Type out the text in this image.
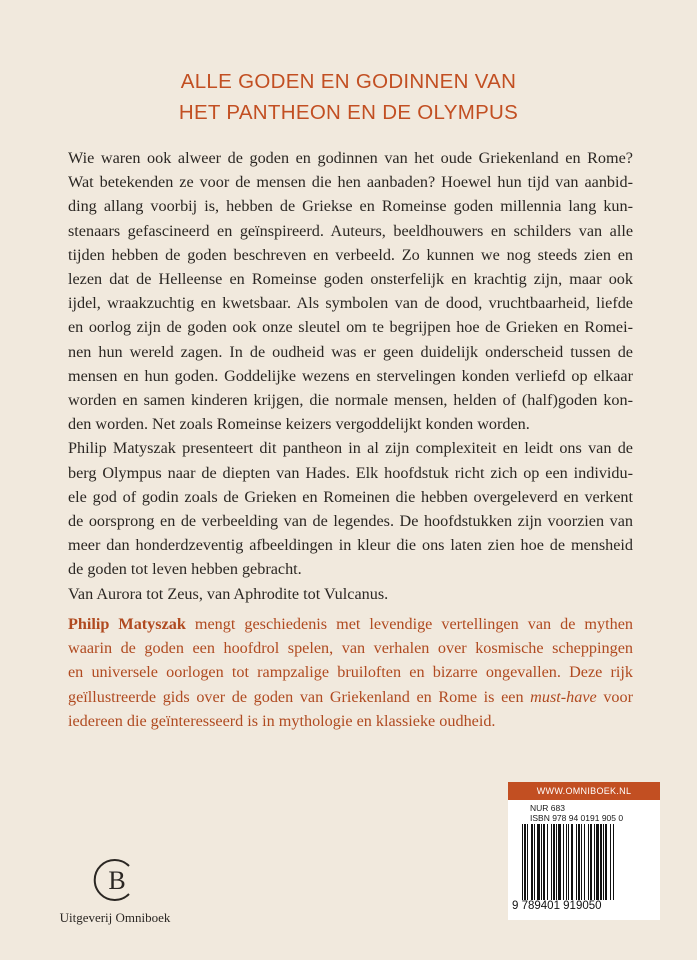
ALLE GODEN EN GODINNEN VAN
HET PANTHEON EN DE OLYMPUS
Wie waren ook alweer de goden en godinnen van het oude Griekenland en Rome?
Wat betekenden ze voor de mensen die hen aanbaden? Hoewel hun tijd van aanbid-
ding allang voorbij is, hebben de Griekse en Romeinse goden millennia lang kun-
stenaars gefascineerd en geïnspireerd. Auteurs, beeldhouwers en schilders van alle
tijden hebben de goden beschreven en verbeeld. Zo kunnen we nog steeds zien en
lezen dat de Helleense en Romeinse goden onsterfelijk en krachtig zijn, maar ook
ijdel, wraakzuchtig en kwetsbaar. Als symbolen van de dood, vruchtbaarheid, liefde
en oorlog zijn de goden ook onze sleutel om te begrijpen hoe de Grieken en Romei-
nen hun wereld zagen. In de oudheid was er geen duidelijk onderscheid tussen de
mensen en hun goden. Goddelijke wezens en stervelingen konden verliefd op elkaar
worden en samen kinderen krijgen, die normale mensen, helden of (half)goden kon-
den worden. Net zoals Romeinse keizers vergoddelijkt konden worden.
Philip Matyszak presenteert dit pantheon in al zijn complexiteit en leidt ons van de
berg Olympus naar de diepten van Hades. Elk hoofdstuk richt zich op een individu-
ele god of godin zoals de Grieken en Romeinen die hebben overgeleverd en verkent
de oorsprong en de verbeelding van de legendes. De hoofdstukken zijn voorzien van
meer dan honderdzeventig afbeeldingen in kleur die ons laten zien hoe de mensheid
de goden tot leven hebben gebracht.
Van Aurora tot Zeus, van Aphrodite tot Vulcanus.
Philip Matyszak mengt geschiedenis met levendige vertellingen van de mythen
waarin de goden een hoofdrol spelen, van verhalen over kosmische scheppingen
en universele oorlogen tot rampzalige bruiloften en bizarre ongevallen. Deze rijk
geïllustreerde gids over de goden van Griekenland en Rome is een must-have voor
iedereen die geïnteresseerd is in mythologie en klassieke oudheid.
WWW.OMNIBOEK.NL
NUR 683
ISBN 978 94 0191 905 0
9 789401 919050
B
Uitgeverij Omniboek
